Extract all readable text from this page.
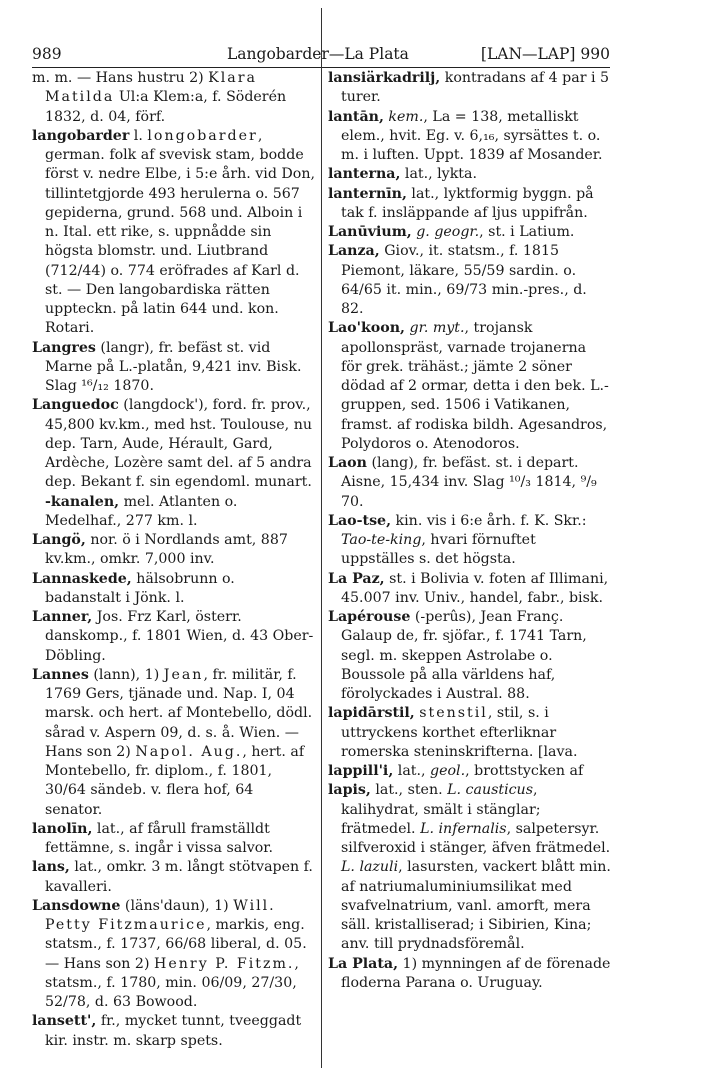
989	Langobarder—La Plata	[LAN—LAP] 990

m. m. — Hans hustru 2) Klara Matilda Ul:a Klem:a, f. Söderén 1832, d. 04, förf.

langobarder l. longobarder, german. folk af svevisk stam, bodde först v. nedre Elbe, i 5:e årh. vid Don, tillintetgjorde 493 herulerna o. 567 gepiderna, grund. 568 und. Alboin i n. Ital. ett rike, s. uppnådde sin högsta blomstr. und. Liutbrand (712/44) o. 774 eröfrades af Karl d. st. — Den langobardiska rätten uppteckn. på latin 644 und. kon. Rotari.

Langres (langr), fr. befäst st. vid Marne på L.-platån, 9,421 inv. Bisk. Slag ¹⁶/₁₂ 1870.

Languedoc (langdock'), ford. fr. prov., 45,800 kv.km., med hst. Toulouse, nu dep. Tarn, Aude, Hérault, Gard, Ardèche, Lozère samt del. af 5 andra dep. Bekant f. sin egendoml. munart. -kanalen, mel. Atlanten o. Medelhaf., 277 km. l.

Langö, nor. ö i Nordlands amt, 887 kv.km., omkr. 7,000 inv.

Lannaskede, hälsobrunn o. badanstalt i Jönk. l.

Lanner, Jos. Frz Karl, österr. danskomp., f. 1801 Wien, d. 43 Ober-Döbling.

Lannes (lann), 1) Jean, fr. militär, f. 1769 Gers, tjänade und. Nap. I, 04 marsk. och hert. af Montebello, dödl. sårad v. Aspern 09, d. s. å. Wien. — Hans son 2) Napol. Aug., hert. af Montebello, fr. diplom., f. 1801, 30/64 sändeb. v. flera hof, 64 senator.

lanolīn, lat., af fårull framställdt fettämne, s. ingår i vissa salvor.

lans, lat., omkr. 3 m. långt stötvapen f. kavalleri.

Lansdowne (läns'daun), 1) Will. Petty Fitzmaurice, markis, eng. statsm., f. 1737, 66/68 liberal, d. 05. — Hans son 2) Henry P. Fitzm., statsm., f. 1780, min. 06/09, 27/30, 52/78, d. 63 Bowood.

lansett', fr., mycket tunnt, tveeggadt kir. instr. m. skarp spets.

lansiärkadrilj, kontradans af 4 par i 5 turer.

lantān, kem., La = 138, metalliskt elem., hvit. Eg. v. 6,₁₆, syrsättes t. o. m. i luften. Uppt. 1839 af Mosander.

lanterna, lat., lykta.

lanternīn, lat., lyktformig byggn. på tak f. insläppande af ljus uppifrån.

Lanūvium, g. geogr., st. i Latium.

Lanza, Giov., it. statsm., f. 1815 Piemont, läkare, 55/59 sardin. o. 64/65 it. min., 69/73 min.-pres., d. 82.

Lao'koon, gr. myt., trojansk apollonspräst, varnade trojanerna för grek. trähäst.; jämte 2 söner dödad af 2 ormar, detta i den bek. L.-gruppen, sed. 1506 i Vatikanen, framst. af rodiska bildh. Agesandros, Polydoros o. Atenodoros.

Laon (lang), fr. befäst. st. i depart. Aisne, 15,434 inv. Slag ¹⁰/₃ 1814, ⁹/₉ 70.

Lao-tse, kin. vis i 6:e årh. f. K. Skr.: Tao-te-king, hvari förnuftet uppställes s. det högsta.

La Paz, st. i Bolivia v. foten af Illimani, 45.007 inv. Univ., handel, fabr., bisk.

Lapérouse (-perûs), Jean Franç. Galaup de, fr. sjöfar., f. 1741 Tarn, segl. m. skeppen Astrolabe o. Boussole på alla världens haf, förolyckades i Austral. 88.

lapidārstil, stenstil, stil, s. i uttryckens korthet efterliknar romerska steninskrifterna. [lava.

lappill'i, lat., geol., brottstycken af

lapis, lat., sten. L. causticus, kalihydrat, smält i stänglar; frätmedel. L. infernalis, salpetersyr. silfveroxid i stänger, äfven frätmedel. L. lazuli, lasursten, vackert blått min. af natriumaluminiumsilikat med svafvelnatrium, vanl. amorft, mera säll. kristalliserad; i Sibirien, Kina; anv. till prydnadsföremål.

La Plata, 1) mynningen af de förenade floderna Parana o. Uruguay.
